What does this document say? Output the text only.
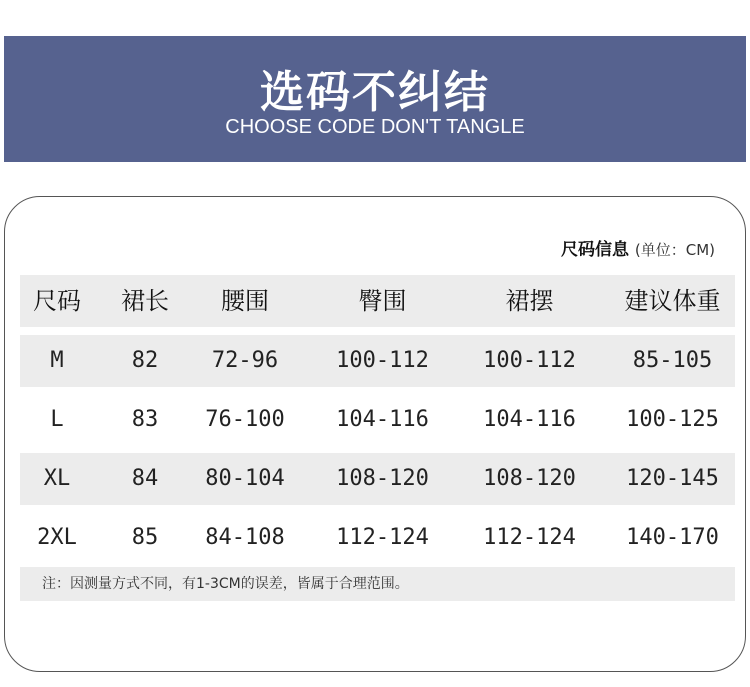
选码不纠结
CHOOSE CODE DON'T TANGLE
尺码信息 (单位：CM)
尺码	裙长	腰围	臀围	裙摆	建议体重
M	82	72-96	100-112	100-112	85-105
L	83	76-100	104-116	104-116	100-125
XL	84	80-104	108-120	108-120	120-145
2XL	85	84-108	112-124	112-124	140-170
注：因测量方式不同，有1-3CM的误差，皆属于合理范围。
